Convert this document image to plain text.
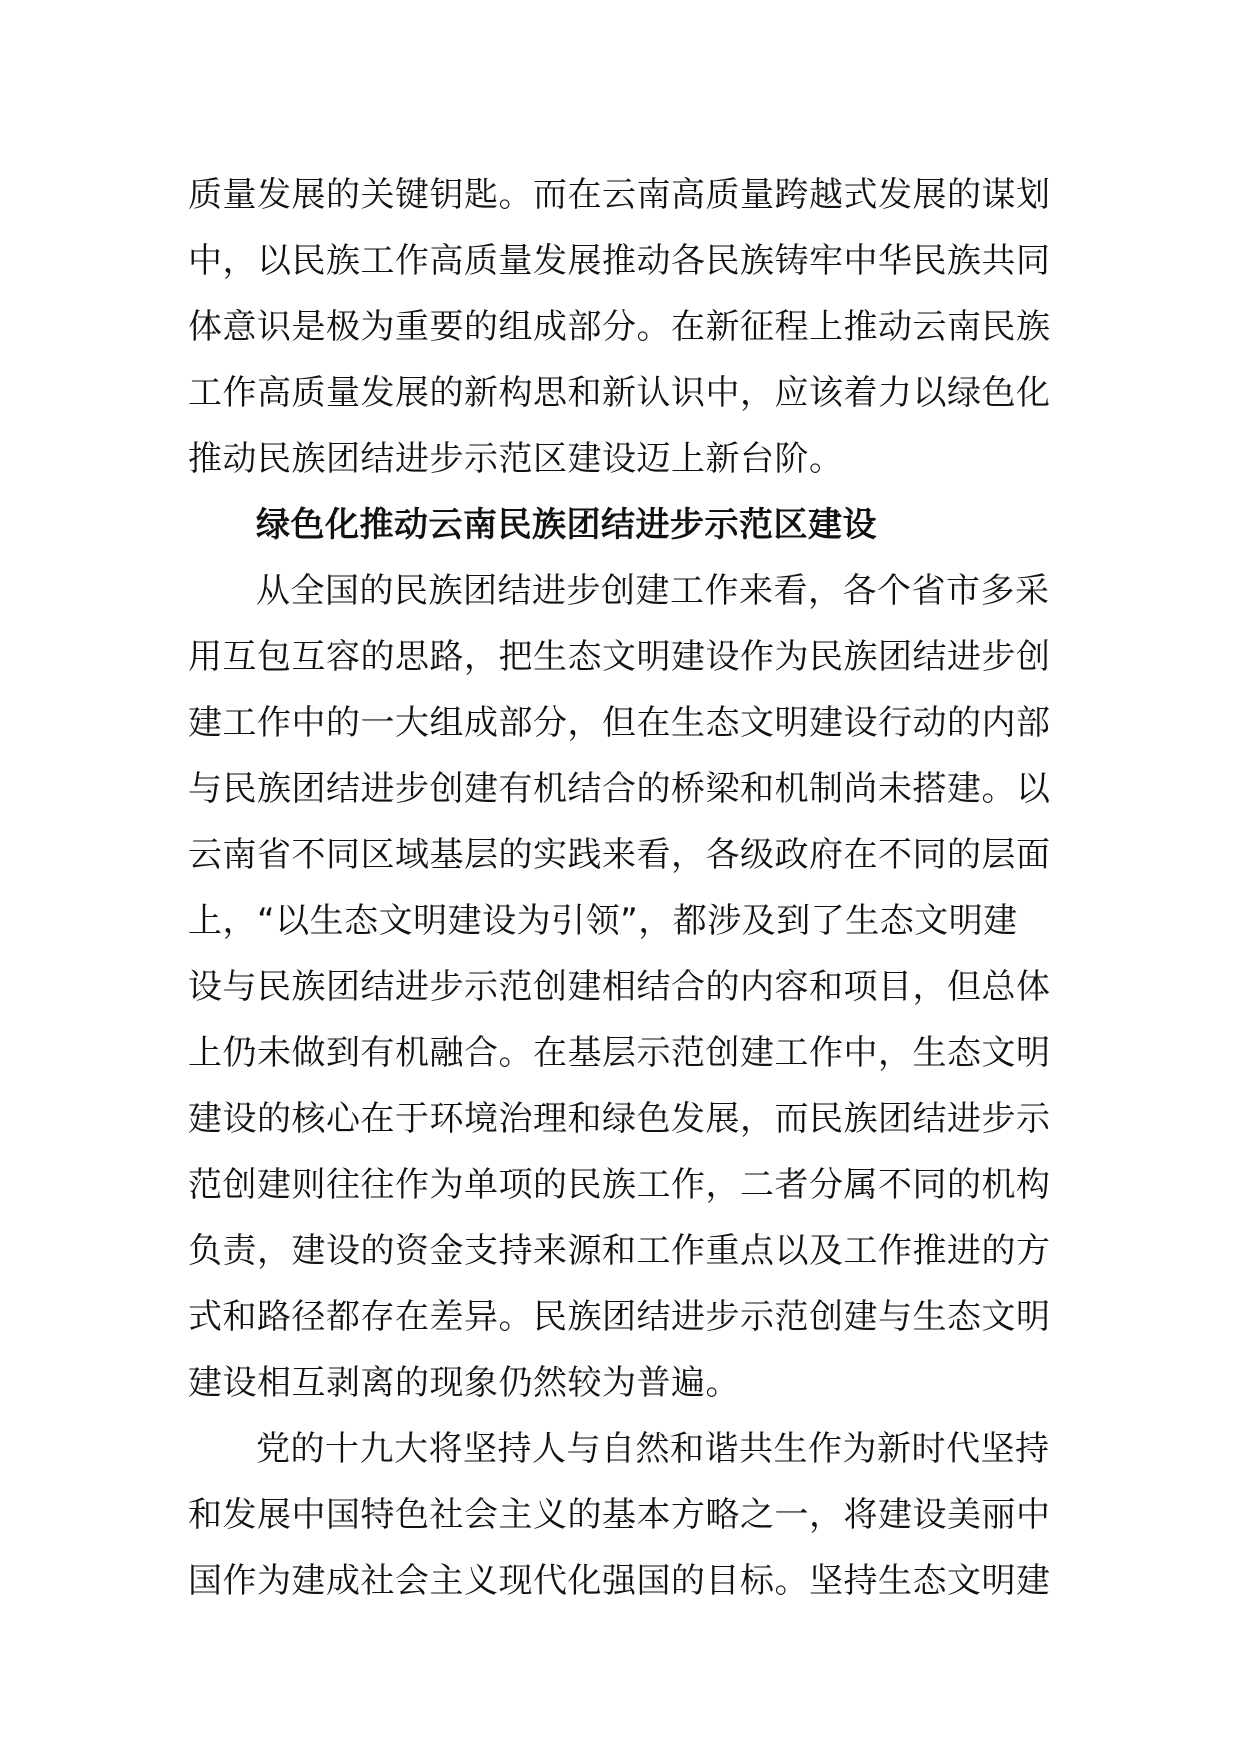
质量发展的关键钥匙。而在云南高质量跨越式发展的谋划
中，以民族工作高质量发展推动各民族铸牢中华民族共同
体意识是极为重要的组成部分。在新征程上推动云南民族
工作高质量发展的新构思和新认识中，应该着力以绿色化
推动民族团结进步示范区建设迈上新台阶。
绿色化推动云南民族团结进步示范区建设
从全国的民族团结进步创建工作来看，各个省市多采
用互包互容的思路，把生态文明建设作为民族团结进步创
建工作中的一大组成部分，但在生态文明建设行动的内部
与民族团结进步创建有机结合的桥梁和机制尚未搭建。以
云南省不同区域基层的实践来看，各级政府在不同的层面
上，“以生态文明建设为引领”，都涉及到了生态文明建
设与民族团结进步示范创建相结合的内容和项目，但总体
上仍未做到有机融合。在基层示范创建工作中，生态文明
建设的核心在于环境治理和绿色发展，而民族团结进步示
范创建则往往作为单项的民族工作，二者分属不同的机构
负责，建设的资金支持来源和工作重点以及工作推进的方
式和路径都存在差异。民族团结进步示范创建与生态文明
建设相互剥离的现象仍然较为普遍。
党的十九大将坚持人与自然和谐共生作为新时代坚持
和发展中国特色社会主义的基本方略之一，将建设美丽中
国作为建成社会主义现代化强国的目标。坚持生态文明建
